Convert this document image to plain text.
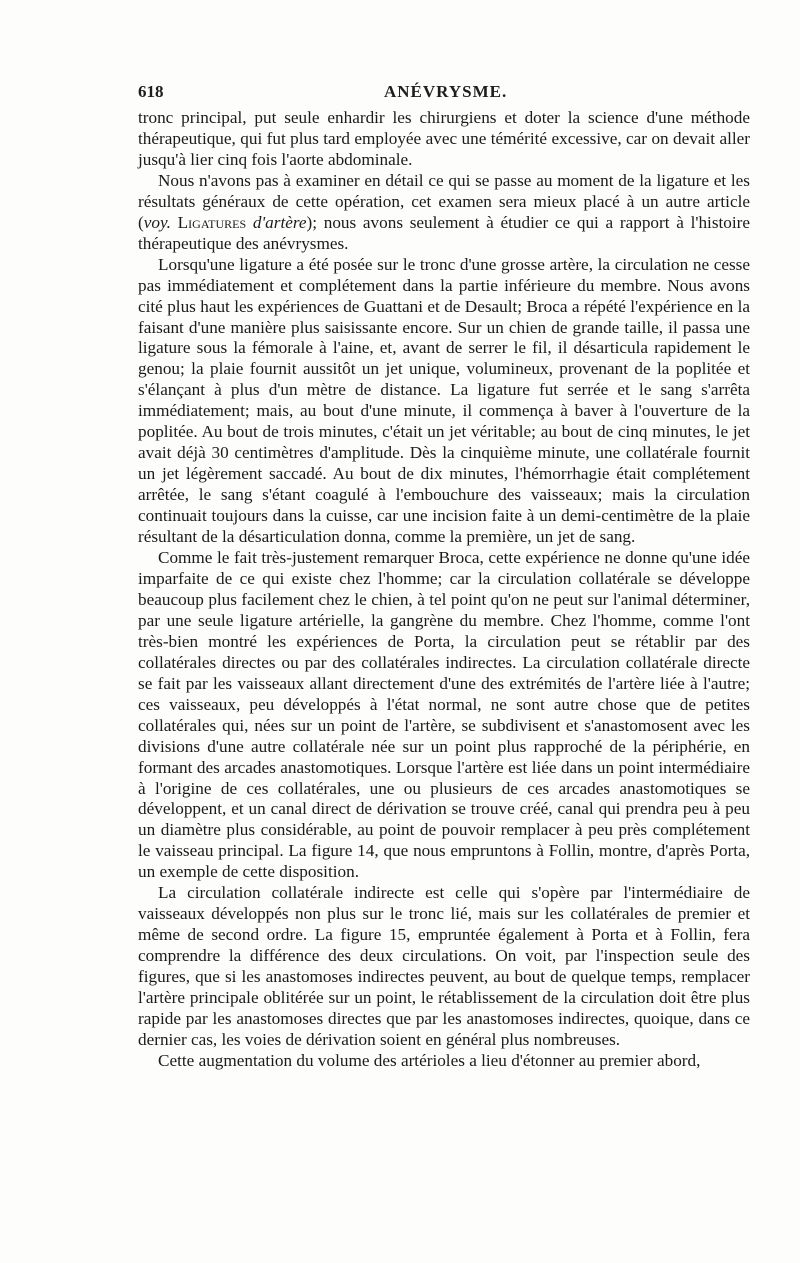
618	ANÉVRYSME.

tronc principal, put seule enhardir les chirurgiens et doter la science d'une méthode thérapeutique, qui fut plus tard employée avec une témérité excessive, car on devait aller jusqu'à lier cinq fois l'aorte abdominale.

Nous n'avons pas à examiner en détail ce qui se passe au moment de la ligature et les résultats généraux de cette opération, cet examen sera mieux placé à un autre article (voy. Ligatures d'artère); nous avons seulement à étudier ce qui a rapport à l'histoire thérapeutique des anévrysmes.

Lorsqu'une ligature a été posée sur le tronc d'une grosse artère, la circulation ne cesse pas immédiatement et complétement dans la partie inférieure du membre. Nous avons cité plus haut les expériences de Guattani et de Desault; Broca a répété l'expérience en la faisant d'une manière plus saisissante encore. Sur un chien de grande taille, il passa une ligature sous la fémorale à l'aine, et, avant de serrer le fil, il désarticula rapidement le genou; la plaie fournit aussitôt un jet unique, volumineux, provenant de la poplitée et s'élançant à plus d'un mètre de distance. La ligature fut serrée et le sang s'arrêta immédiatement; mais, au bout d'une minute, il commença à baver à l'ouverture de la poplitée. Au bout de trois minutes, c'était un jet véritable; au bout de cinq minutes, le jet avait déjà 30 centimètres d'amplitude. Dès la cinquième minute, une collatérale fournit un jet légèrement saccadé. Au bout de dix minutes, l'hémorrhagie était complétement arrêtée, le sang s'étant coagulé à l'embouchure des vaisseaux; mais la circulation continuait toujours dans la cuisse, car une incision faite à un demi-centimètre de la plaie résultant de la désarticulation donna, comme la première, un jet de sang.

Comme le fait très-justement remarquer Broca, cette expérience ne donne qu'une idée imparfaite de ce qui existe chez l'homme; car la circulation collatérale se développe beaucoup plus facilement chez le chien, à tel point qu'on ne peut sur l'animal déterminer, par une seule ligature artérielle, la gangrène du membre. Chez l'homme, comme l'ont très-bien montré les expériences de Porta, la circulation peut se rétablir par des collatérales directes ou par des collatérales indirectes. La circulation collatérale directe se fait par les vaisseaux allant directement d'une des extrémités de l'artère liée à l'autre; ces vaisseaux, peu développés à l'état normal, ne sont autre chose que de petites collatérales qui, nées sur un point de l'artère, se subdivisent et s'anastomosent avec les divisions d'une autre collatérale née sur un point plus rapproché de la périphérie, en formant des arcades anastomotiques. Lorsque l'artère est liée dans un point intermédiaire à l'origine de ces collatérales, une ou plusieurs de ces arcades anastomotiques se développent, et un canal direct de dérivation se trouve créé, canal qui prendra peu à peu un diamètre plus considérable, au point de pouvoir remplacer à peu près complétement le vaisseau principal. La figure 14, que nous empruntons à Follin, montre, d'après Porta, un exemple de cette disposition.

La circulation collatérale indirecte est celle qui s'opère par l'intermédiaire de vaisseaux développés non plus sur le tronc lié, mais sur les collatérales de premier et même de second ordre. La figure 15, empruntée également à Porta et à Follin, fera comprendre la différence des deux circulations. On voit, par l'inspection seule des figures, que si les anastomoses indirectes peuvent, au bout de quelque temps, remplacer l'artère principale oblitérée sur un point, le rétablissement de la circulation doit être plus rapide par les anastomoses directes que par les anastomoses indirectes, quoique, dans ce dernier cas, les voies de dérivation soient en général plus nombreuses.

Cette augmentation du volume des artérioles a lieu d'étonner au premier abord,
